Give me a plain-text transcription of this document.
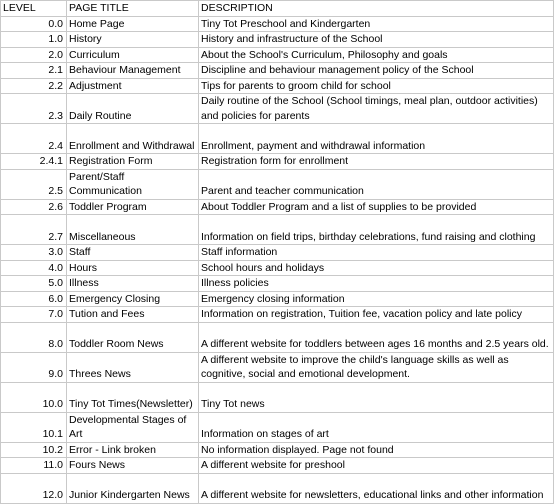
LEVEL	PAGE TITLE	DESCRIPTION
0.0	Home Page	Tiny Tot Preschool and Kindergarten
1.0	History	History and infrastructure of the School
2.0	Curriculum	About the School's Curriculum, Philosophy and goals
2.1	Behaviour Management	Discipline and behaviour management policy of the School
2.2	Adjustment	Tips for parents to groom child for school
2.3	Daily Routine	Daily routine of the School (School timings, meal plan, outdoor activities) and policies for parents
2.4	Enrollment and Withdrawal	Enrollment, payment and withdrawal information
2.4.1	Registration Form	Registration form for enrollment
2.5	Parent/Staff Communication	Parent and teacher communication
2.6	Toddler Program	About Toddler Program and a list of supplies to be provided
2.7	Miscellaneous	Information on field trips, birthday celebrations, fund raising and clothing
3.0	Staff	Staff information
4.0	Hours	School hours and holidays
5.0	Illness	Illness policies
6.0	Emergency Closing	Emergency closing information
7.0	Tution and Fees	Information on registration, Tuition fee, vacation policy and late policy
8.0	Toddler Room News	A different website for toddlers between ages 16 months and 2.5 years old.
9.0	Threes News	A different website to improve the child's language skills as well as cognitive, social and emotional development.
10.0	Tiny Tot Times(Newsletter)	Tiny Tot news
10.1	Developmental Stages of Art	Information on stages of art
10.2	Error - Link broken	No information displayed. Page not found
11.0	Fours News	A different website for preshool
12.0	Junior Kindergarten News	A different website for newsletters, educational links and other information
